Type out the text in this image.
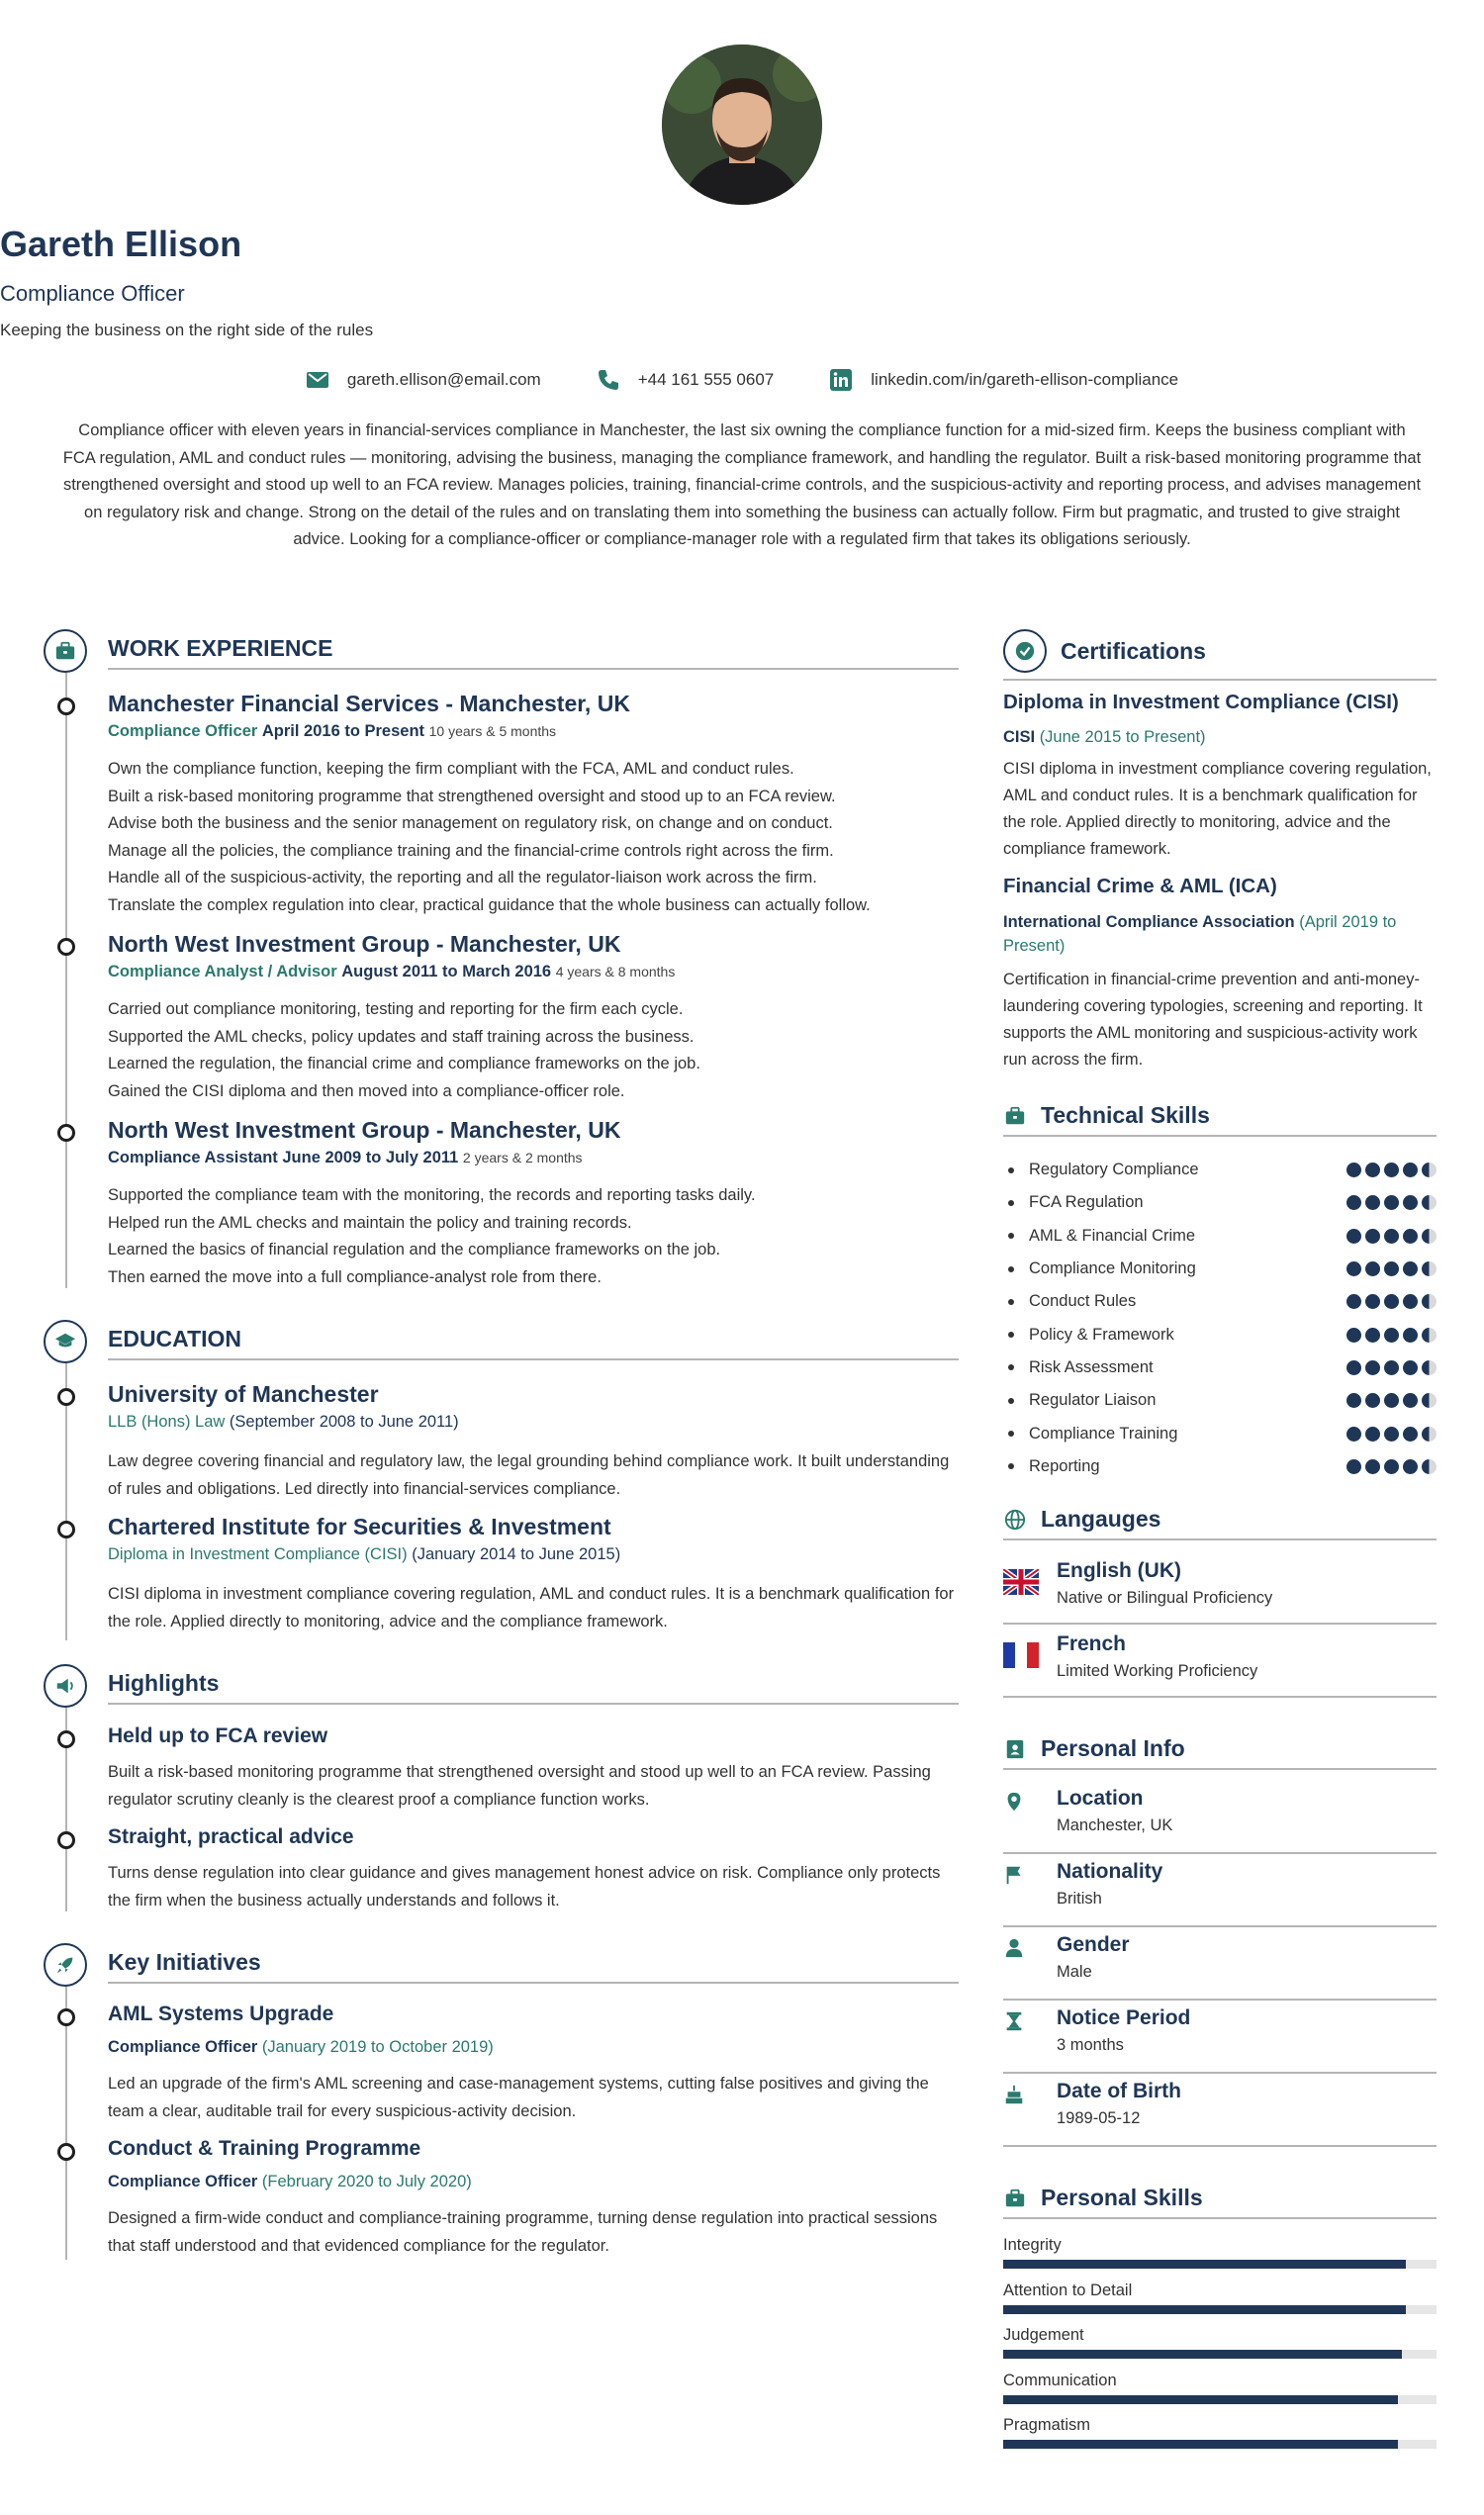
Gareth Ellison
Compliance Officer
Keeping the business on the right side of the rules
gareth.ellison@email.com	+44 161 555 0607	linkedin.com/in/gareth-ellison-compliance
Compliance officer with eleven years in financial-services compliance in Manchester, the last six owning the compliance function for a mid-sized firm. Keeps the business compliant with FCA regulation, AML and conduct rules — monitoring, advising the business, managing the compliance framework, and handling the regulator. Built a risk-based monitoring programme that strengthened oversight and stood up well to an FCA review. Manages policies, training, financial-crime controls, and the suspicious-activity and reporting process, and advises management on regulatory risk and change. Strong on the detail of the rules and on translating them into something the business can actually follow. Firm but pragmatic, and trusted to give straight advice. Looking for a compliance-officer or compliance-manager role with a regulated firm that takes its obligations seriously.
WORK EXPERIENCE
Manchester Financial Services - Manchester, UK
Compliance Officer April 2016 to Present 10 years & 5 months

Own the compliance function, keeping the firm compliant with the FCA, AML and conduct rules.

Built a risk-based monitoring programme that strengthened oversight and stood up to an FCA review.

Advise both the business and the senior management on regulatory risk, on change and on conduct.

Manage all the policies, the compliance training and the financial-crime controls right across the firm.

Handle all of the suspicious-activity, the reporting and all the regulator-liaison work across the firm.

Translate the complex regulation into clear, practical guidance that the whole business can actually follow.

North West Investment Group - Manchester, UK
Compliance Analyst / Advisor August 2011 to March 2016 4 years & 8 months

Carried out compliance monitoring, testing and reporting for the firm each cycle.

Supported the AML checks, policy updates and staff training across the business.

Learned the regulation, the financial crime and compliance frameworks on the job.

Gained the CISI diploma and then moved into a compliance-officer role.

North West Investment Group - Manchester, UK
Compliance Assistant June 2009 to July 2011 2 years & 2 months

Supported the compliance team with the monitoring, the records and reporting tasks daily.

Helped run the AML checks and maintain the policy and training records.

Learned the basics of financial regulation and the compliance frameworks on the job.

Then earned the move into a full compliance-analyst role from there.

EDUCATION
University of Manchester
LLB (Hons) Law (September 2008 to June 2011)

Law degree covering financial and regulatory law, the legal grounding behind compliance work. It built understanding of rules and obligations. Led directly into financial-services compliance.

Chartered Institute for Securities & Investment
Diploma in Investment Compliance (CISI) (January 2014 to June 2015)

CISI diploma in investment compliance covering regulation, AML and conduct rules. It is a benchmark qualification for the role. Applied directly to monitoring, advice and the compliance framework.

Highlights
Held up to FCA review

Built a risk-based monitoring programme that strengthened oversight and stood up well to an FCA review. Passing regulator scrutiny cleanly is the clearest proof a compliance function works.

Straight, practical advice

Turns dense regulation into clear guidance and gives management honest advice on risk. Compliance only protects the firm when the business actually understands and follows it.

Key Initiatives
AML Systems Upgrade
Compliance Officer (January 2019 to October 2019)

Led an upgrade of the firm's AML screening and case-management systems, cutting false positives and giving the team a clear, auditable trail for every suspicious-activity decision.

Conduct & Training Programme
Compliance Officer (February 2020 to July 2020)

Designed a firm-wide conduct and compliance-training programme, turning dense regulation into practical sessions that staff understood and that evidenced compliance for the regulator.

Certifications
Diploma in Investment Compliance (CISI)
CISI (June 2015 to Present)
CISI diploma in investment compliance covering regulation, AML and conduct rules. It is a benchmark qualification for the role. Applied directly to monitoring, advice and the compliance framework.
Financial Crime & AML (ICA)
International Compliance Association (April 2019 to Present)
Certification in financial-crime prevention and anti-money-laundering covering typologies, screening and reporting. It supports the AML monitoring and suspicious-activity work run across the firm.
Technical Skills
Regulatory Compliance
FCA Regulation
AML & Financial Crime
Compliance Monitoring
Conduct Rules
Policy & Framework
Risk Assessment
Regulator Liaison
Compliance Training
Reporting
Langauges
English (UK)
Native or Bilingual Proficiency
French
Limited Working Proficiency
Personal Info
Location
Manchester, UK
Nationality
British
Gender
Male
Notice Period
3 months
Date of Birth
1989-05-12
Personal Skills
Integrity
Attention to Detail
Judgement
Communication
Pragmatism
